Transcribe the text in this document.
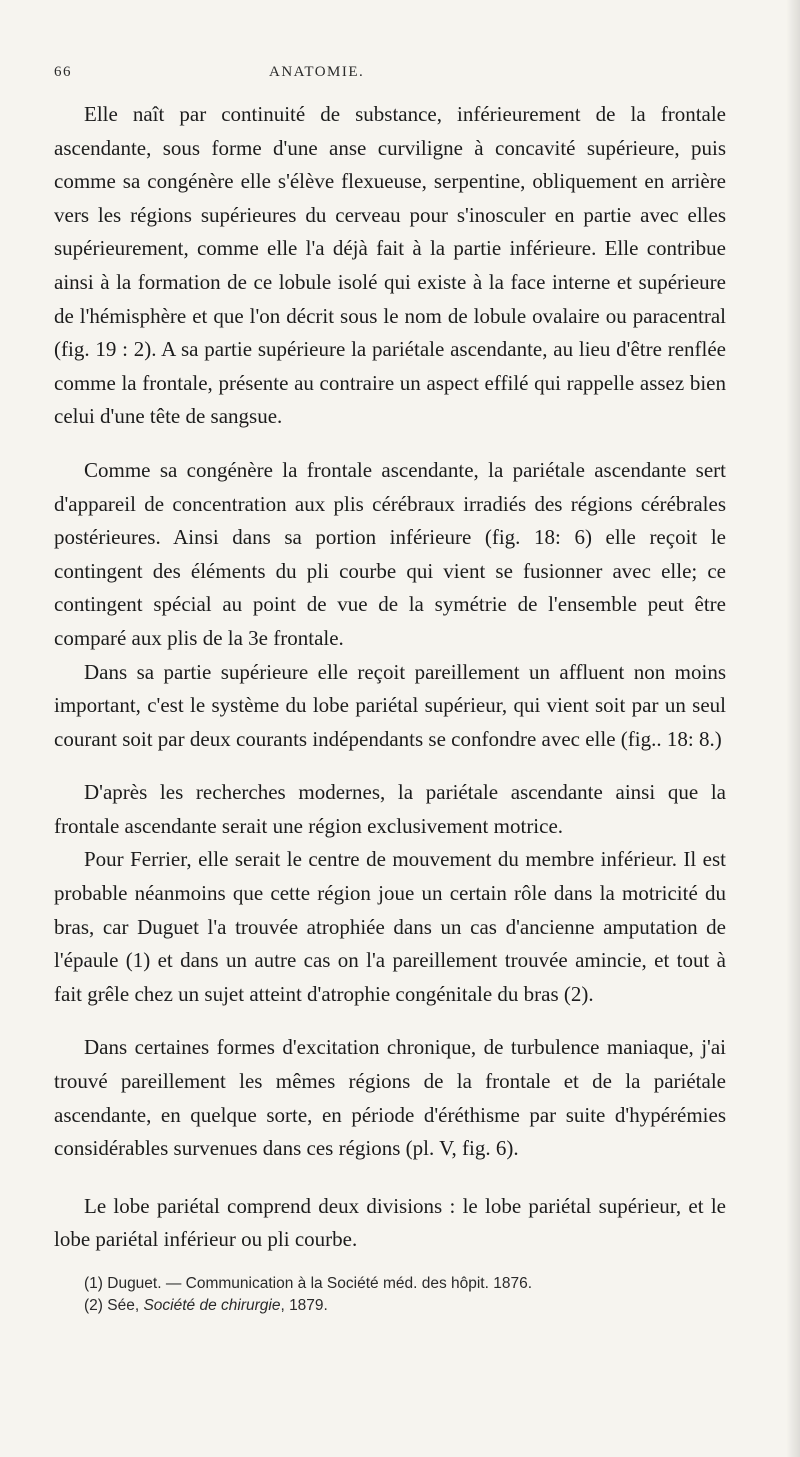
66	ANATOMIE.

Elle naît par continuité de substance, inférieurement de la frontale ascendante, sous forme d'une anse curviligne à concavité supérieure, puis comme sa congénère elle s'élève flexueuse, serpentine, obliquement en arrière vers les régions supérieures du cerveau pour s'inosculer en partie avec elles supérieurement, comme elle l'a déjà fait à la partie inférieure. Elle contribue ainsi à la formation de ce lobule isolé qui existe à la face interne et supérieure de l'hémisphère et que l'on décrit sous le nom de lobule ovalaire ou paracentral (fig. 19 : 2). A sa partie supérieure la pariétale ascendante, au lieu d'être renflée comme la frontale, présente au contraire un aspect effilé qui rappelle assez bien celui d'une tête de sangsue.

Comme sa congénère la frontale ascendante, la pariétale ascendante sert d'appareil de concentration aux plis cérébraux irradiés des régions cérébrales postérieures. Ainsi dans sa portion inférieure (fig. 18: 6) elle reçoit le contingent des éléments du pli courbe qui vient se fusionner avec elle; ce contingent spécial au point de vue de la symétrie de l'ensemble peut être comparé aux plis de la 3e frontale.

Dans sa partie supérieure elle reçoit pareillement un affluent non moins important, c'est le système du lobe pariétal supérieur, qui vient soit par un seul courant soit par deux courants indépendants se confondre avec elle (fig.. 18: 8.)

D'après les recherches modernes, la pariétale ascendante ainsi que la frontale ascendante serait une région exclusivement motrice.

Pour Ferrier, elle serait le centre de mouvement du membre inférieur. Il est probable néanmoins que cette région joue un certain rôle dans la motricité du bras, car Duguet l'a trouvée atrophiée dans un cas d'ancienne amputation de l'épaule (1) et dans un autre cas on l'a pareillement trouvée amincie, et tout à fait grêle chez un sujet atteint d'atrophie congénitale du bras (2).

Dans certaines formes d'excitation chronique, de turbulence maniaque, j'ai trouvé pareillement les mêmes régions de la frontale et de la pariétale ascendante, en quelque sorte, en période d'éréthisme par suite d'hypérémies considérables survenues dans ces régions (pl. V, fig. 6).

Le lobe pariétal comprend deux divisions : le lobe pariétal supérieur, et le lobe pariétal inférieur ou pli courbe.

(1) Duguet. — Communication à la Société méd. des hôpit. 1876.

(2) Sée, Société de chirurgie, 1879.
